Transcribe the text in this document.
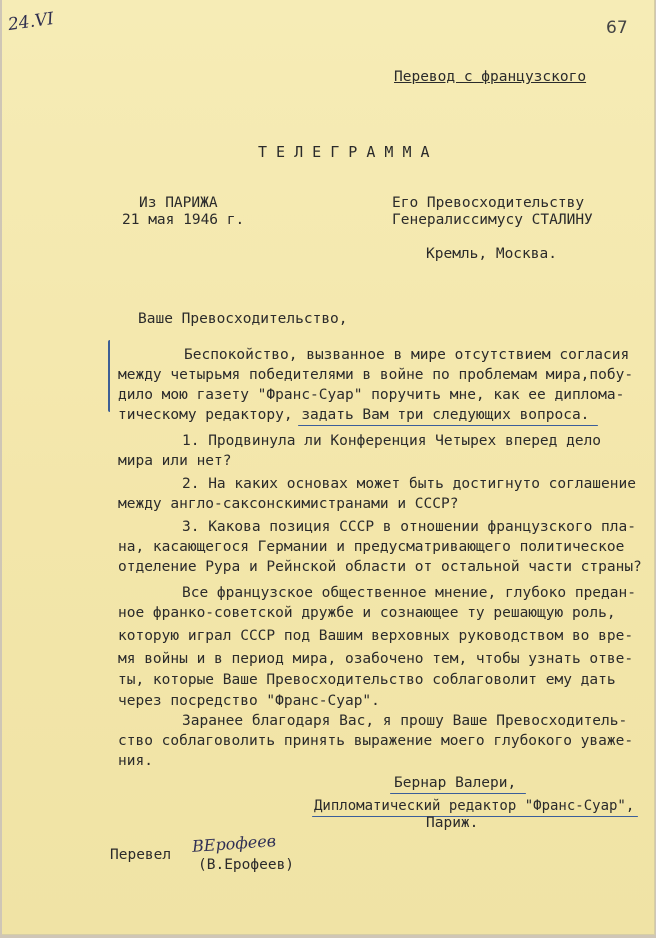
24.VI	67
Перевод с французского
Т Е Л Е Г Р А М М А
Из ПАРИЖА
21 мая 1946 г.
Его Превосходительству
Генералиссимусу СТАЛИНУ
Кремль, Москва.
Ваше Превосходительство,
Беспокойство, вызванное в мире отсутствием согласия
между четырьмя победителями в войне по проблемам мира,побу-
дило мою газету "Франс-Суар" поручить мне, как ее диплома-
тическому редактору, задать Вам три следующих вопроса.
1. Продвинула ли Конференция Четырех вперед дело
мира или нет?
2. На каких основах может быть достигнуто соглашение
между англо-саксонскимистранами и СССР?
3. Какова позиция СССР в отношении французского пла-
на, касающегося Германии и предусматривающего политическое
отделение Рура и Рейнской области от остальной части страны?
Все французское общественное мнение, глубоко предан-
ное франко-советской дружбе и сознающее ту решающую роль,
которую играл СССР под Вашим верховных руководством во вре-
мя войны и в период мира, озабочено тем, чтобы узнать отве-
ты, которые Ваше Превосходительство соблаговолит ему дать
через посредство "Франс-Суар".
Заранее благодаря Вас, я прошу Ваше Превосходитель-
ство соблаговолить принять выражение моего глубокого уваже-
ния.
Бернар Валери,
Дипломатический редактор "Франс-Суар",
Париж.
Перевел ВЕрофеев
(В.Ерофеев)
